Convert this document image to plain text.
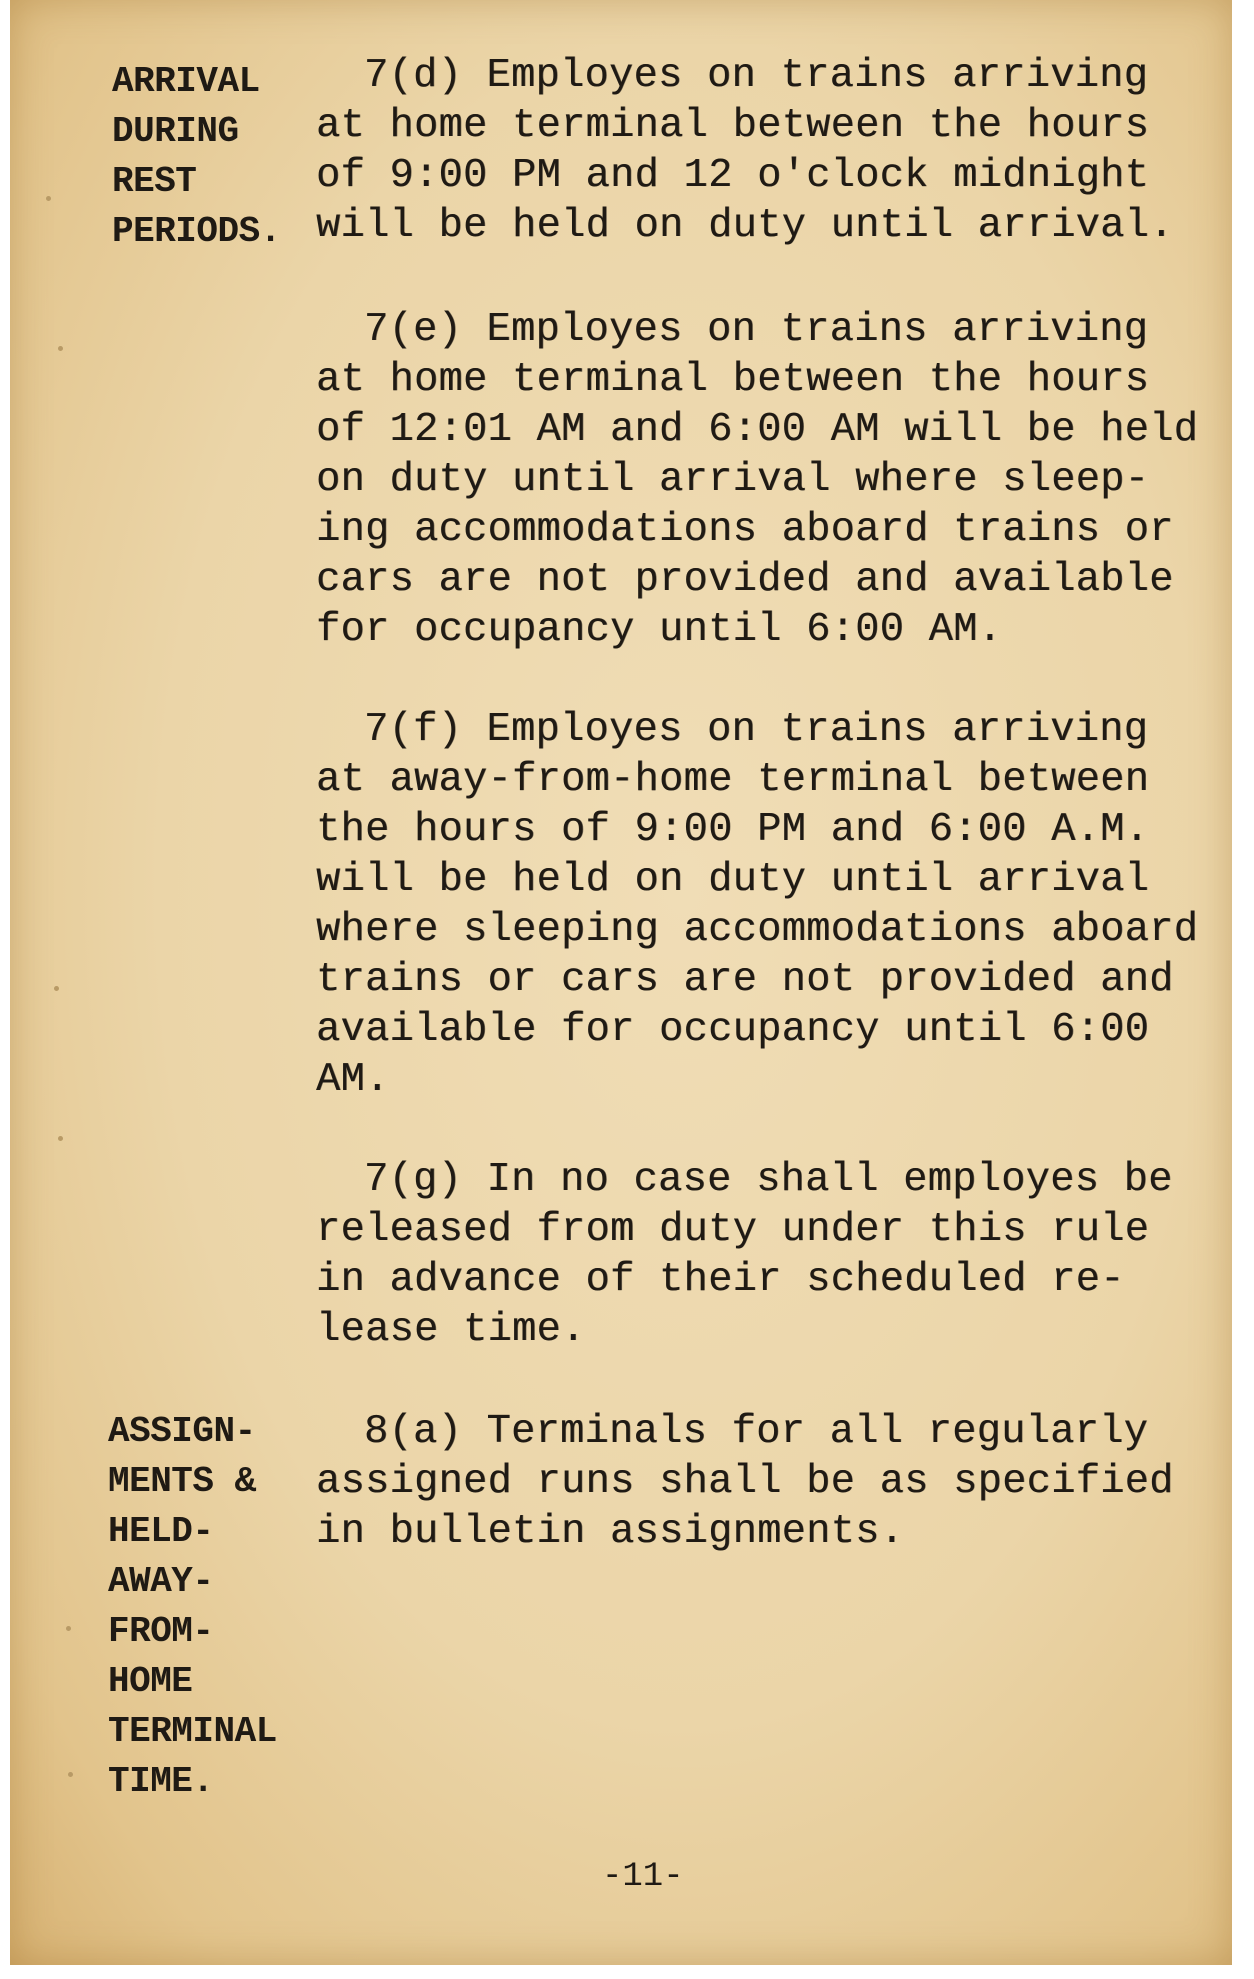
ARRIVAL

DURING

REST

PERIODS.

7(d) Employes on trains arriving

at home terminal between the hours

of 9:00 PM and 12 o'clock midnight

will be held on duty until arrival.

7(e) Employes on trains arriving

at home terminal between the hours

of 12:01 AM and 6:00 AM will be held

on duty until arrival where sleep-

ing accommodations aboard trains or

cars are not provided and available

for occupancy until 6:00 AM.

7(f) Employes on trains arriving

at away-from-home terminal between

the hours of 9:00 PM and 6:00 A.M.

will be held on duty until arrival

where sleeping accommodations aboard

trains or cars are not provided and

available for occupancy until 6:00

AM.

7(g) In no case shall employes be

released from duty under this rule

in advance of their scheduled re-

lease time.

ASSIGN-

MENTS &

HELD-

AWAY-

FROM-

HOME

TERMINAL

TIME.

8(a) Terminals for all regularly

assigned runs shall be as specified

in bulletin assignments.

-11-
